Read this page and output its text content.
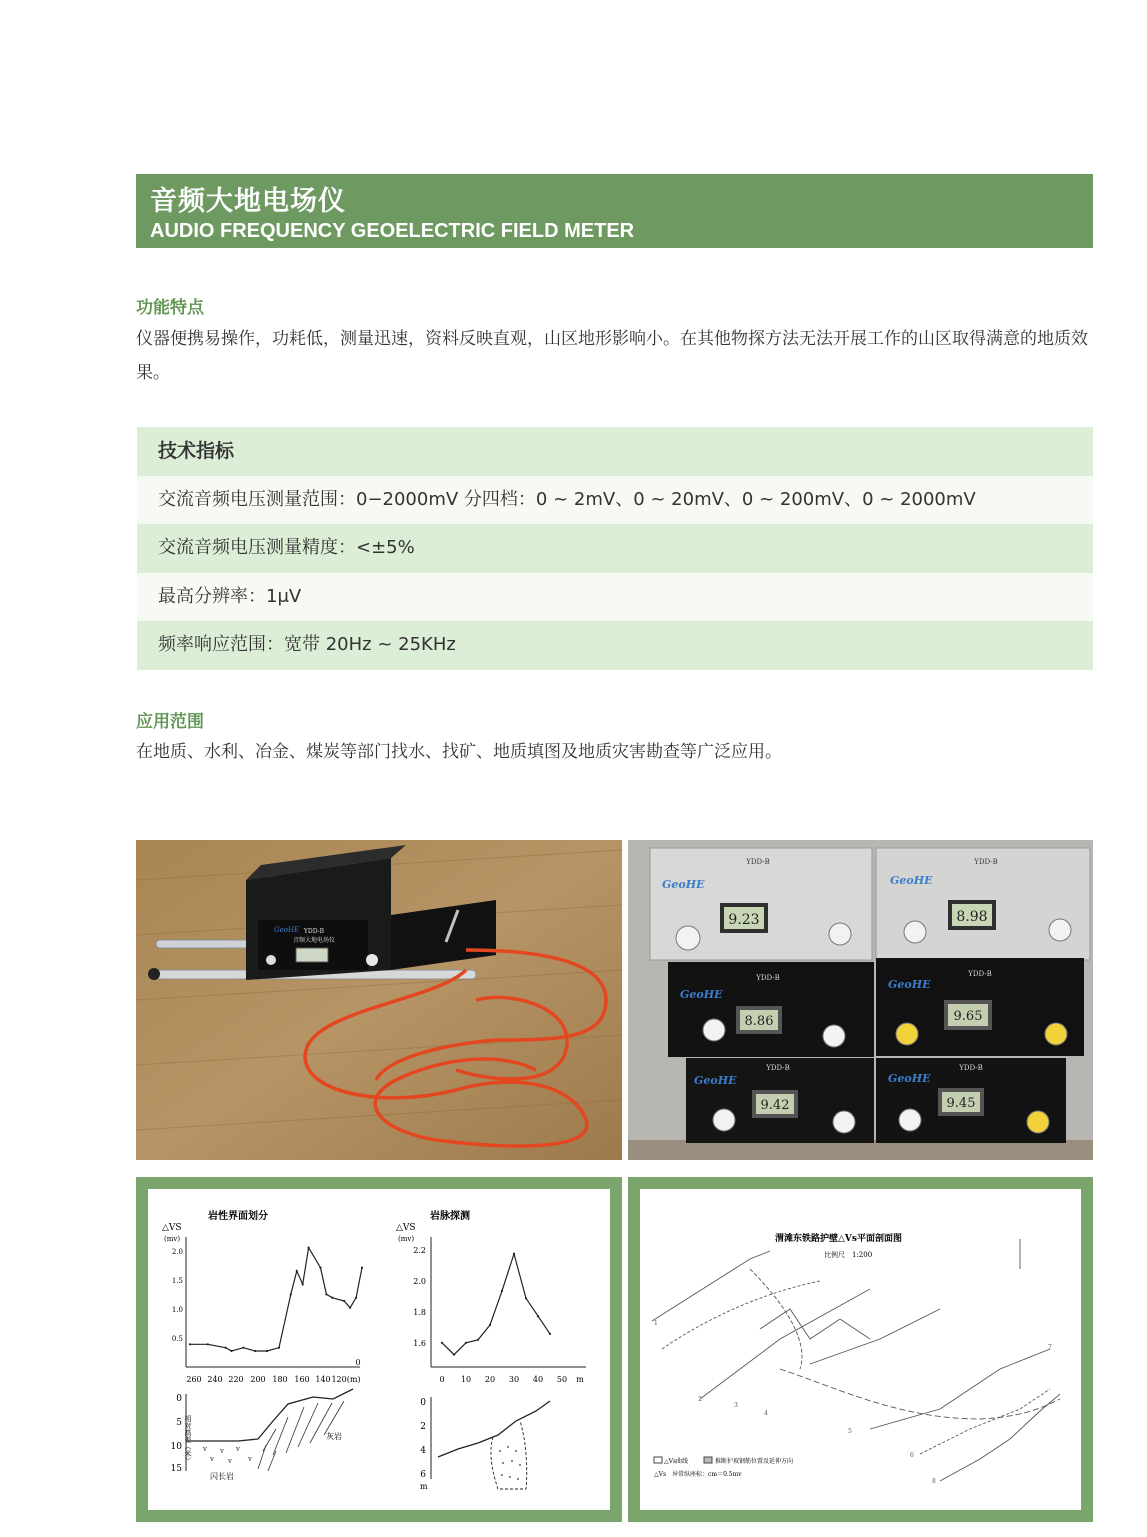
音频大地电场仪
AUDIO FREQUENCY GEOELECTRIC FIELD METER
功能特点
仪器便携易操作，功耗低，测量迅速，资料反映直观，山区地形影响小。在其他物探方法无法开展工作的山区取得满意的地质效果。
技术指标
交流音频电压测量范围：0−2000mV 分四档：0 ~ 2mV、0 ~ 20mV、0 ~ 200mV、0 ~ 2000mV
交流音频电压测量精度：<±5%
最高分辨率：1μV
频率响应范围：宽带 20Hz ~ 25KHz
应用范围
在地质、水利、冶金、煤炭等部门找水、找矿、地质填图及地质灾害勘查等广泛应用。
YDD-B
音频大地电场仪
GeoHE
YDD-B	YDD-B
YDD-B	YDD-B
YDD-B	YDD-B
9.23	8.98
8.86	9.65
9.42	9.45
GeoHE	GeoHE
GeoHE
GeoHE
GeoHE	GeoHE
岩性界面划分
△VS
(mv)
2.0
1.5
1.0
0.5
260 240 220 200 180 160 140 120(m)
0
0
5
10
15
相对高差（米）	灰岩
v v v
v v v
闪长岩
岩脉探测
△VS
(mv)
2.2
2.0
1.8
1.6
0 10 20 30 40 50 m
0
2
4
6
m
渭滩东铁路护壁△Vs平面剖面图
比例尺　1:200
2
3
4
5
6
8
1
7
△Vs曲线	推断护坡钢筋位置及延伸方向
△Vs　异常纵座标：cm＝0.5mv
